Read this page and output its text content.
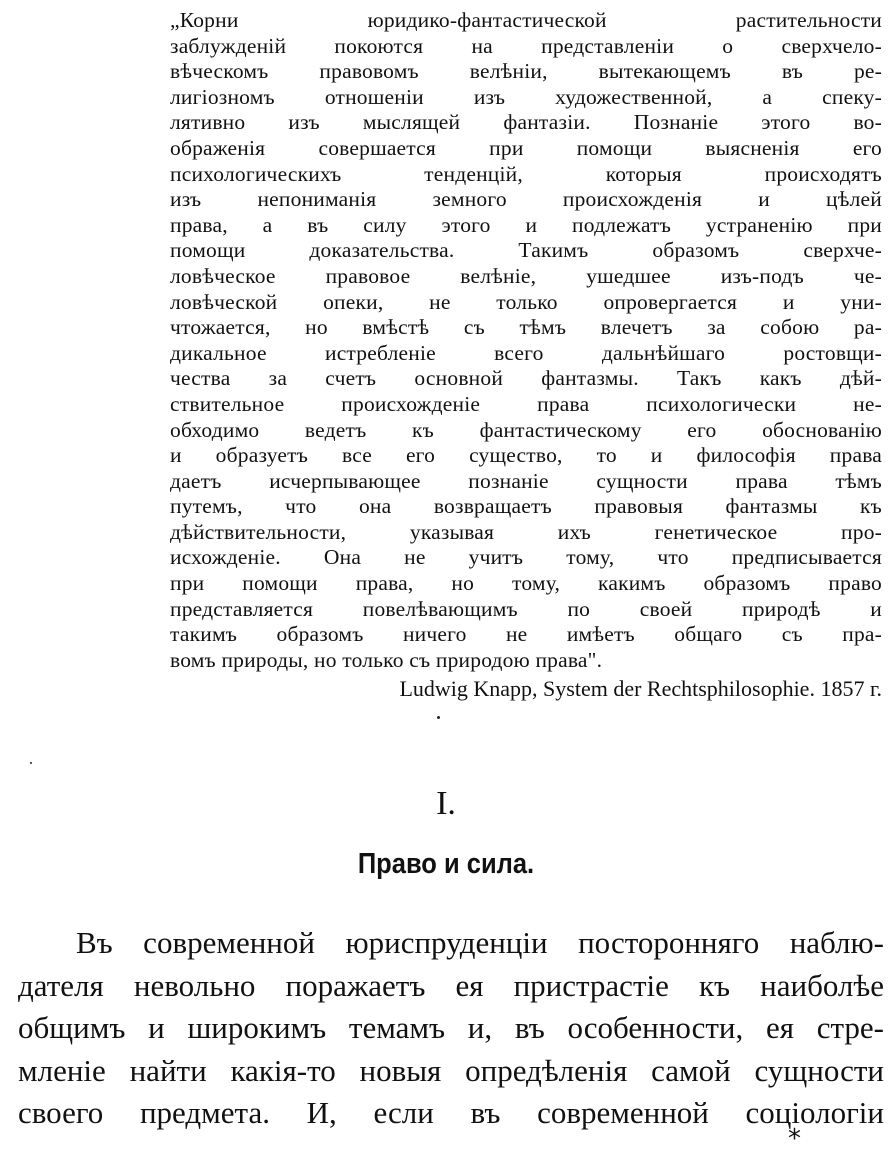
„Корни юридико-фантастической растительности
заблужденій покоются на представленіи о сверхчело-
вѣческомъ правовомъ велѣніи, вытекающемъ въ ре-
лигіозномъ отношеніи изъ художественной, а спеку-
лятивно изъ мыслящей фантазіи. Познаніе этого во-
ображенія совершается при помощи выясненія его
психологическихъ тенденцій, которыя происходятъ
изъ непониманія земного происхожденія и цѣлей
права, а въ силу этого и подлежатъ устраненію при
помощи доказательства. Такимъ образомъ сверхче-
ловѣческое правовое велѣніе, ушедшее изъ-подъ че-
ловѣческой опеки, не только опровергается и уни-
чтожается, но вмѣстѣ съ тѣмъ влечетъ за собою ра-
дикальное истребленіе всего дальнѣйшаго ростовщи-
чества за счетъ основной фантазмы. Такъ какъ дѣй-
ствительное происхожденіе права психологически не-
обходимо ведетъ къ фантастическому его обоснованію
и образуетъ все его существо, то и философія права
даетъ исчерпывающее познаніе сущности права тѣмъ
путемъ, что она возвращаетъ правовыя фантазмы къ
дѣйствительности, указывая ихъ генетическое про-
исхожденіе. Она не учитъ тому, что предписывается
при помощи права, но тому, какимъ образомъ право
представляется повелѣвающимъ по своей природѣ и
такимъ образомъ ничего не имѣетъ общаго съ пра-
вомъ природы, но только съ природою права".
Ludwig Knapp, System der Rechtsphilosophie. 1857 г.
I.
Право и сила.
Въ современной юриспруденціи посторонняго наблю-
дателя невольно поражаетъ ея пристрастіе къ наиболѣе
общимъ и широкимъ темамъ и, въ особенности, ея стре-
мленіе найти какія-то новыя опредѣленія самой сущности
своего предмета. И, если въ современной соціологіи
*
